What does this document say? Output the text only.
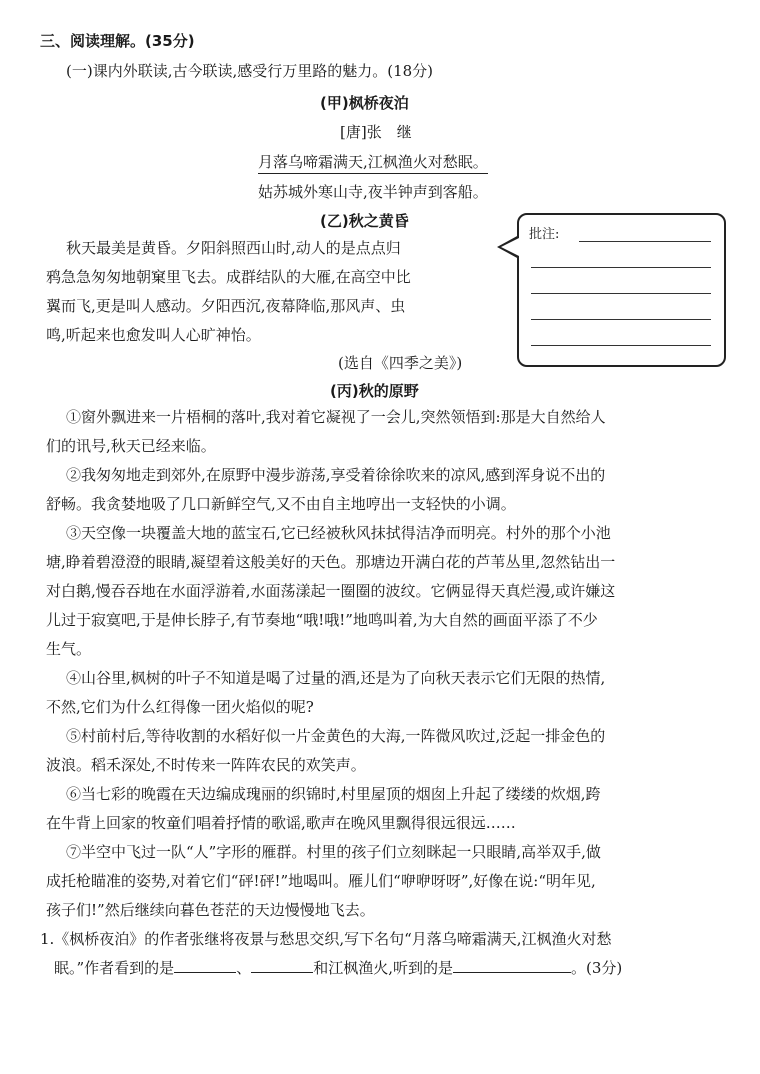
三、阅读理解。(35分)
(一)课内外联读,古今联读,感受行万里路的魅力。(18分)
(甲)枫桥夜泊
[唐]张　继
月落乌啼霜满天,江枫渔火对愁眠。
姑苏城外寒山寺,夜半钟声到客船。
(乙)秋之黄昏
秋天最美是黄昏。夕阳斜照西山时,动人的是点点归
鸦急急匆匆地朝窠里飞去。成群结队的大雁,在高空中比
翼而飞,更是叫人感动。夕阳西沉,夜幕降临,那风声、虫
鸣,听起来也愈发叫人心旷神怡。
(选自《四季之美》)
批注:
(丙)秋的原野
①窗外飘进来一片梧桐的落叶,我对着它凝视了一会儿,突然领悟到:那是大自然给人
们的讯号,秋天已经来临。
②我匆匆地走到郊外,在原野中漫步游荡,享受着徐徐吹来的凉风,感到浑身说不出的
舒畅。我贪婪地吸了几口新鲜空气,又不由自主地哼出一支轻快的小调。
③天空像一块覆盖大地的蓝宝石,它已经被秋风抹拭得洁净而明亮。村外的那个小池
塘,睁着碧澄澄的眼睛,凝望着这般美好的天色。那塘边开满白花的芦苇丛里,忽然钻出一
对白鹅,慢吞吞地在水面浮游着,水面荡漾起一圈圈的波纹。它俩显得天真烂漫,或许嫌这
儿过于寂寞吧,于是伸长脖子,有节奏地“哦!哦!”地鸣叫着,为大自然的画面平添了不少
生气。
④山谷里,枫树的叶子不知道是喝了过量的酒,还是为了向秋天表示它们无限的热情,
不然,它们为什么红得像一团火焰似的呢?
⑤村前村后,等待收割的水稻好似一片金黄色的大海,一阵微风吹过,泛起一排金色的
波浪。稻禾深处,不时传来一阵阵农民的欢笑声。
⑥当七彩的晚霞在天边编成瑰丽的织锦时,村里屋顶的烟囱上升起了缕缕的炊烟,跨
在牛背上回家的牧童们唱着抒情的歌谣,歌声在晚风里飘得很远很远……
⑦半空中飞过一队“人”字形的雁群。村里的孩子们立刻眯起一只眼睛,高举双手,做
成托枪瞄准的姿势,对着它们“砰!砰!”地喝叫。雁儿们“咿咿呀呀”,好像在说:“明年见,
孩子们!”然后继续向暮色苍茫的天边慢慢地飞去。
1.《枫桥夜泊》的作者张继将夜景与愁思交织,写下名句“月落乌啼霜满天,江枫渔火对愁
眠。”作者看到的是	、	和江枫渔火,听到的是	。(3分)
